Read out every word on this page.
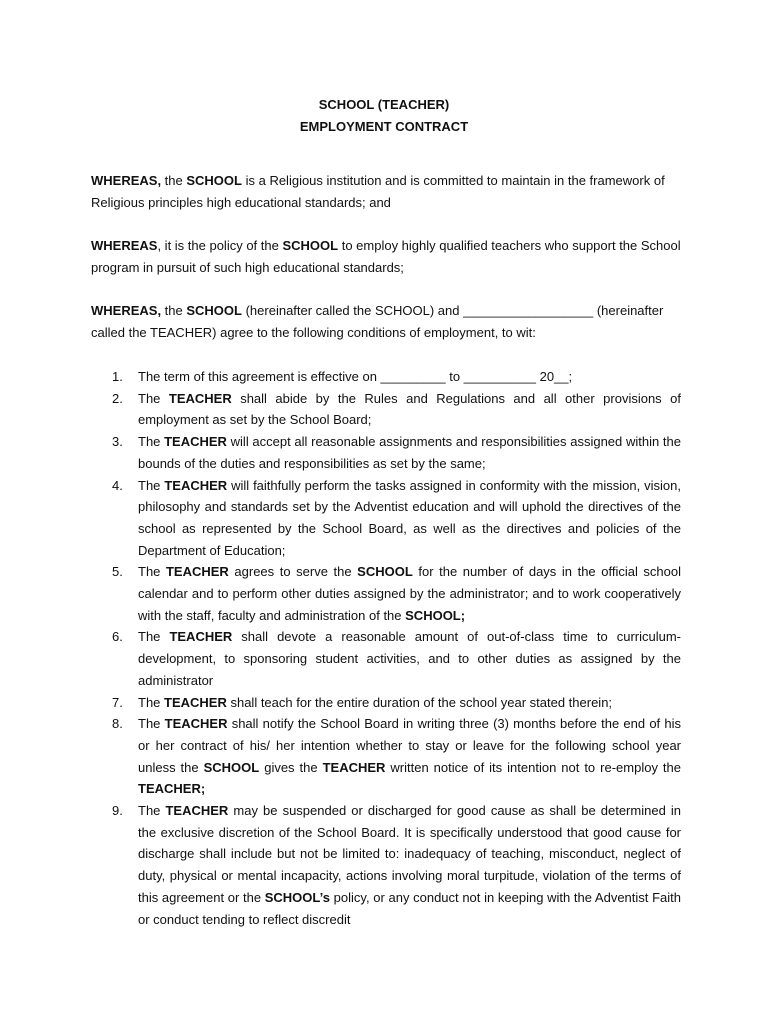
SCHOOL (TEACHER)
EMPLOYMENT CONTRACT

WHEREAS, the SCHOOL is a Religious institution and is committed to maintain in the framework of Religious principles high educational standards; and

WHEREAS, it is the policy of the SCHOOL to employ highly qualified teachers who support the School program in pursuit of such high educational standards;

WHEREAS, the SCHOOL (hereinafter called the SCHOOL) and __________________ (hereinafter called the TEACHER) agree to the following conditions of employment, to wit:

1. The term of this agreement is effective on _________ to __________ 20__;
2. The TEACHER shall abide by the Rules and Regulations and all other provisions of employment as set by the School Board;
3. The TEACHER will accept all reasonable assignments and responsibilities assigned within the bounds of the duties and responsibilities as set by the same;
4. The TEACHER will faithfully perform the tasks assigned in conformity with the mission, vision, philosophy and standards set by the Adventist education and will uphold the directives of the school as represented by the School Board, as well as the directives and policies of the Department of Education;
5. The TEACHER agrees to serve the SCHOOL for the number of days in the official school calendar and to perform other duties assigned by the administrator; and to work cooperatively with the staff, faculty and administration of the SCHOOL;
6. The TEACHER shall devote a reasonable amount of out-of-class time to curriculum-development, to sponsoring student activities, and to other duties as assigned by the administrator
7. The TEACHER shall teach for the entire duration of the school year stated therein;
8. The TEACHER shall notify the School Board in writing three (3) months before the end of his or her contract of his/ her intention whether to stay or leave for the following school year unless the SCHOOL gives the TEACHER written notice of its intention not to re-employ the TEACHER;
9. The TEACHER may be suspended or discharged for good cause as shall be determined in the exclusive discretion of the School Board. It is specifically understood that good cause for discharge shall include but not be limited to: inadequacy of teaching, misconduct, neglect of duty, physical or mental incapacity, actions involving moral turpitude, violation of the terms of this agreement or the SCHOOL’s policy, or any conduct not in keeping with the Adventist Faith or conduct tending to reflect discredit
